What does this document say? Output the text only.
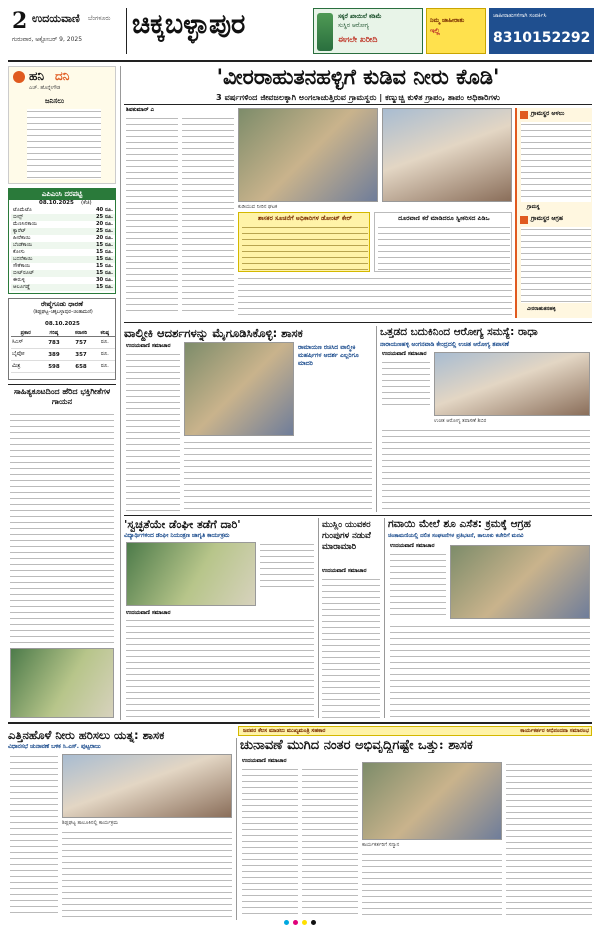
2 ಉದಯವಾಣಿ ಬೆಂಗಳೂರು
ಗುರುವಾರ, ಅಕ್ಟೋಬರ್ 9, 2025 ಚಿಕ್ಕಬಳ್ಳಾಪುರ	ಸಕ್ಕರೆ ಖಾಯಿಲೆ ಕಡಿಮೆ
ಸುಸ್ಥಿರ ಆರೋಗ್ಯ
ಈಗಲೇ ಖರೀದಿ
ನಿಮ್ಮ ಜಾಹೀರಾತು
ಇಲ್ಲಿ
ಜಾಹೀರಾತುಗಳಿಗಾಗಿ ಸಂಪರ್ಕಿಸಿ
8310152292
ಹನಿ ದನಿ
ಎಚ್. ಹೊನ್ನೇಗೌಡ
ಜನಿಸಲು
ಎಪಿಎಂಸಿ ದರಪಟ್ಟಿ
08.10.2025 (ಕೆಜಿ)
ಟೊಮೆಟೊ	40 ರೂ.
ಬೀನ್ಸ್	25 ರೂ.
ಮೆಣಸಿನಕಾಯಿ	20 ರೂ.
ಕ್ಯಾರೆಟ್	25 ರೂ.
ಹೀರೆಕಾಯಿ	20 ರೂ.
ಬೆಂಡೆಕಾಯಿ	15 ರೂ.
ಕೋಸು	15 ರೂ.
ಬದನೆಕಾಯಿ	15 ರೂ.
ಸೌತೆಕಾಯಿ	15 ರೂ.
ಬೀಟ್‌ರೂಟ್	15 ರೂ.
ಈರುಳ್ಳಿ	30 ರೂ.
ಆಲೂಗಡ್ಡೆ	15 ರೂ.
ರೇಷ್ಮೆಗೂಡು ಧಾರಣೆ
(ಶಿಡ್ಲಘಟ್ಟ–ಚಿಕ್ಕಬಳ್ಳಾಪುರ–ಚಿಂತಾಮಣಿ)
08.10.2025
ಪ್ರಕಾರ	ಗರಿಷ್ಠ	ಸರಾಸರಿ	ಕನಿಷ್ಠ
ಸಿಎಸ್	783	757	ರೂ.
ಬೈವೋ	389	357	ರೂ.
ಮಿಶ್ರ	598	658	ರೂ.
ಸಾಹಿತ್ಯಕೂಟದಿಂದ ಹೆರಿದ ಭಕ್ತಿಗೀತೆಗಳ ಗಾಯನ
'ವೀರರಾಹುತನಹಳ್ಳಿಗೆ ಕುಡಿವ ನೀರು ಕೊಡಿ'
3 ವರ್ಷಗಳಿಂದ ಜೀವಜಲಕ್ಕಾಗಿ ಅಂಗಲಾಚುತ್ತಿರುವ ಗ್ರಾಮಸ್ಥರು | ಕಣ್ಮುಚ್ಚಿ ಕುಳಿತ ಗ್ರಾಪಂ, ತಾಪಂ ಅಧಿಕಾರಿಗಳು
ಶಿವಕುಮಾರ್ ಎ
ಕುಡಿಯುವ ನೀರಿನ ಘಟಕ
ಗ್ರಾಮಸ್ಥರ ಅಳಲು
ಗ್ರಾಮಸ್ಥ
ಗ್ರಾಮಸ್ಥರ ಆಗ್ರಹ
ವೀರರಾಹುತನಹಳ್ಳಿ
ಶಾಸಕರ ಸೂಚನೆಗೆ ಅಧಿಕಾರಿಗಳ ಡೋಂಟ್ ಕೇರ್	ದೂರವಾಣಿ ಕರೆ ಮಾಡಿದರೂ ಸ್ವೀಕರಿಸದ ಪಿಡಿಒ
ವಾಲ್ಮೀಕಿ ಆದರ್ಶಗಳನ್ನು ಮೈಗೂಡಿಸಿಕೊಳ್ಳಿ: ಶಾಸಕ
ಉದಯವಾಣಿ ಸಮಾಚಾರ	ರಾಮಾಯಣ ರಚಿಸಿದ ವಾಲ್ಮೀಕಿ ಮಹರ್ಷಿಗಳ ಆದರ್ಶ ಎಲ್ಲರಿಗೂ ಮಾದರಿ
ಒತ್ತಡದ ಬದುಕಿನಿಂದ ಆರೋಗ್ಯ ಸಮಸ್ಯೆ: ರಾಧಾ
ನಾರಾಯಣಹಳ್ಳಿ ಅಂಗನವಾಡಿ ಕೇಂದ್ರದಲ್ಲಿ ಉಚಿತ ಆರೋಗ್ಯ ತಪಾಸಣೆ
ಉದಯವಾಣಿ ಸಮಾಚಾರ
ಉಚಿತ ಆರೋಗ್ಯ ತಪಾಸಣೆ ಶಿಬಿರ
'ಸ್ವಚ್ಛತೆಯೇ ಡೆಂಘೀ ತಡೆಗೆ ದಾರಿ'
ವಿದ್ಯಾರ್ಥಿಗಳಿಂದ ಡೆಂಘೀ ನಿಯಂತ್ರಣ ಜಾಗೃತಿ ಕಾರ್ಯಕ್ರಮ
ಉದಯವಾಣಿ ಸಮಾಚಾರ
ಮುಸ್ಲಿಂ ಯುವಕರ ಗುಂಪುಗಳ ನಡುವೆ ಮಾರಾಮಾರಿ
ಉದಯವಾಣಿ ಸಮಾಚಾರ
ಗವಾಯಿ ಮೇಲೆ ಶೂ ಎಸೆತ: ಕ್ರಮಕ್ಕೆ ಆಗ್ರಹ
ಚಿಂತಾಮಣಿಯಲ್ಲಿ ದಲಿತ ಸಂಘಟನೆಗಳ ಪ್ರತಿಭಟನೆ, ತಾಲೂಕು ಕಚೇರಿಗೆ ಮನವಿ
ಉದಯವಾಣಿ ಸಮಾಚಾರ
ಜನಪರ ಕೆಲಸ ಮಾಡಲು ಮುಖ್ಯಮಂತ್ರಿ ಸಹಕಾರ	ಕಾರ್ಯಕರ್ತರ ಅಭಿನಂದನಾ ಸಮಾರಂಭ
ಎತ್ತಿನಹೊಳೆ ನೀರು ಹರಿಸಲು ಯತ್ನ: ಶಾಸಕ
ವಿಧಾನಸಭೆ ಚುನಾವಣೆ ಬಳಿಕ ಸಿ.ಎಸ್. ಪುಟ್ಟರಾಜು
ಶಿಡ್ಲಘಟ್ಟ ತಾಲೂಕಿನಲ್ಲಿ ಕಾರ್ಯಕ್ರಮ
ಚುನಾವಣೆ ಮುಗಿದ ನಂತರ ಅಭಿವೃದ್ಧಿಗಷ್ಟೇ ಒತ್ತು: ಶಾಸಕ
ಉದಯವಾಣಿ ಸಮಾಚಾರ
ಕಾರ್ಯಕರ್ತರಿಗೆ ಸನ್ಮಾನ
